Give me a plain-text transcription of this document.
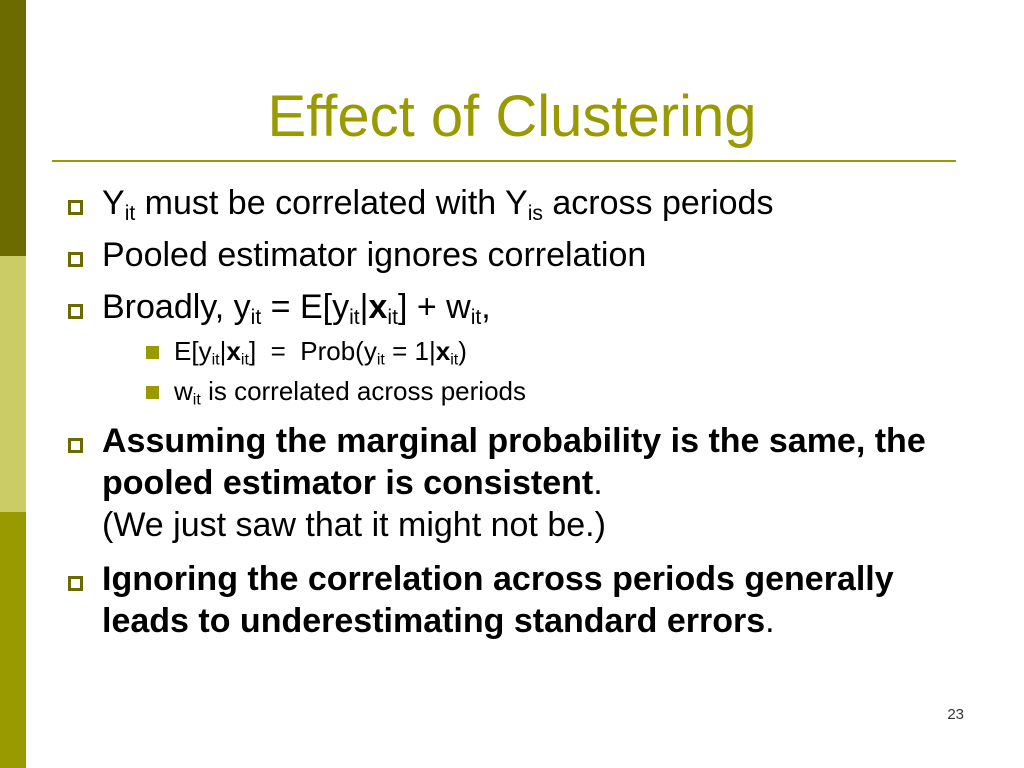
Effect of Clustering
$Y_{it}$ must be correlated with $Y_{is}$ across periods
Pooled estimator ignores correlation
Broadly, $y_{it} = E[y_{it}|x_{it}] + w_{it}$,
$E[y_{it}|x_{it}]$  =  $Prob(y_{it} = 1|x_{it})$
$w_{it}$ is correlated across periods
Assuming the marginal probability is the same, the pooled estimator is consistent.
(We just saw that it might not be.)
Ignoring the correlation across periods generally leads to underestimating standard errors.
23
